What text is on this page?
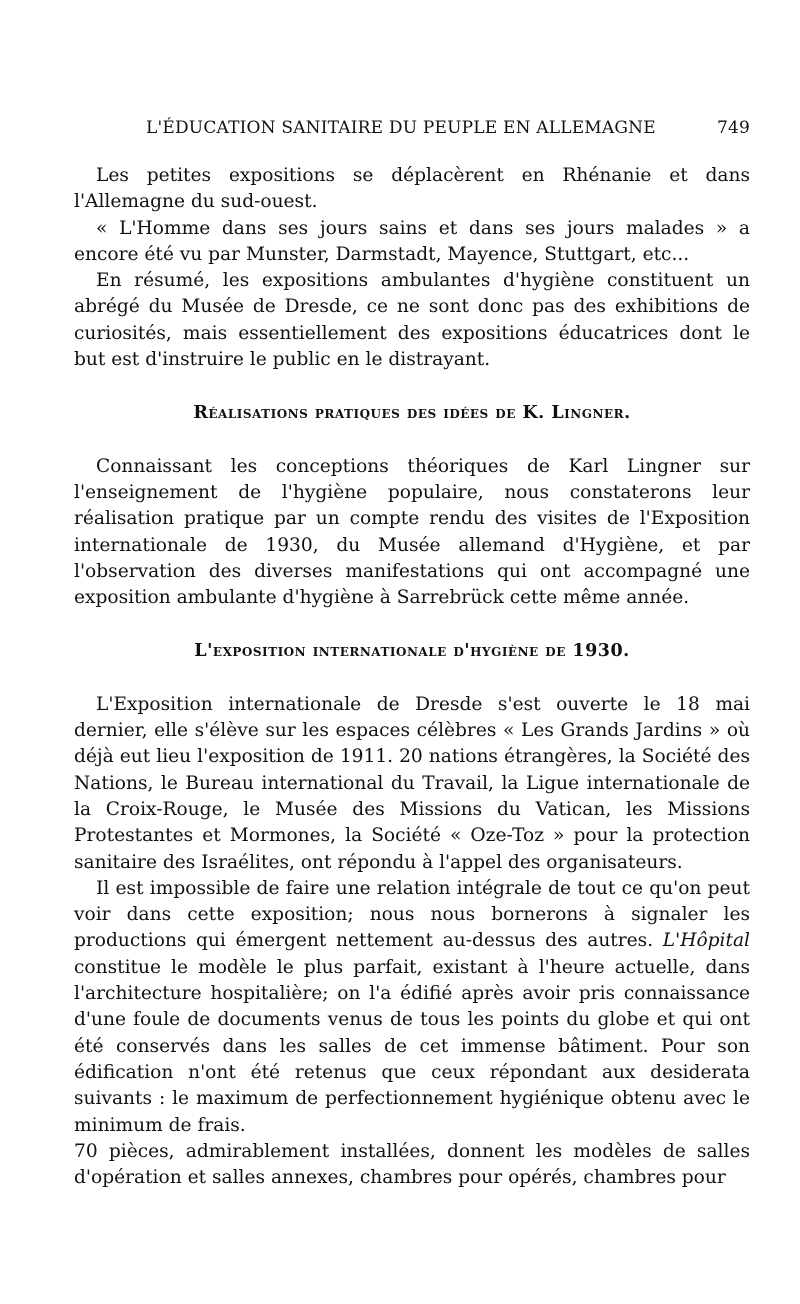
L'ÉDUCATION SANITAIRE DU PEUPLE EN ALLEMAGNE	749

Les petites expositions se déplacèrent en Rhénanie et dans l'Allemagne du sud-ouest.

« L'Homme dans ses jours sains et dans ses jours malades » a encore été vu par Munster, Darmstadt, Mayence, Stuttgart, etc...

En résumé, les expositions ambulantes d'hygiène constituent un abrégé du Musée de Dresde, ce ne sont donc pas des exhibitions de curiosités, mais essentiellement des expositions éducatrices dont le but est d'instruire le public en le distrayant.

Réalisations pratiques des idées de K. Lingner.

Connaissant les conceptions théoriques de Karl Lingner sur l'enseignement de l'hygiène populaire, nous constaterons leur réalisation pratique par un compte rendu des visites de l'Exposition internationale de 1930, du Musée allemand d'Hygiène, et par l'observation des diverses manifestations qui ont accompagné une exposition ambulante d'hygiène à Sarrebrück cette même année.

L'exposition internationale d'hygiène de 1930.

L'Exposition internationale de Dresde s'est ouverte le 18 mai dernier, elle s'élève sur les espaces célèbres « Les Grands Jardins » où déjà eut lieu l'exposition de 1911. 20 nations étrangères, la Société des Nations, le Bureau international du Travail, la Ligue internationale de la Croix-Rouge, le Musée des Missions du Vatican, les Missions Protestantes et Mormones, la Société « Oze-Toz » pour la protection sanitaire des Israélites, ont répondu à l'appel des organisateurs.

Il est impossible de faire une relation intégrale de tout ce qu'on peut voir dans cette exposition; nous nous bornerons à signaler les productions qui émergent nettement au-dessus des autres. L'Hôpital constitue le modèle le plus parfait, existant à l'heure actuelle, dans l'architecture hospitalière; on l'a édifié après avoir pris connaissance d'une foule de documents venus de tous les points du globe et qui ont été conservés dans les salles de cet immense bâtiment. Pour son édification n'ont été retenus que ceux répondant aux desiderata suivants : le maximum de perfectionnement hygiénique obtenu avec le minimum de frais.

70 pièces, admirablement installées, donnent les modèles de salles d'opération et salles annexes, chambres pour opérés, chambres pour
